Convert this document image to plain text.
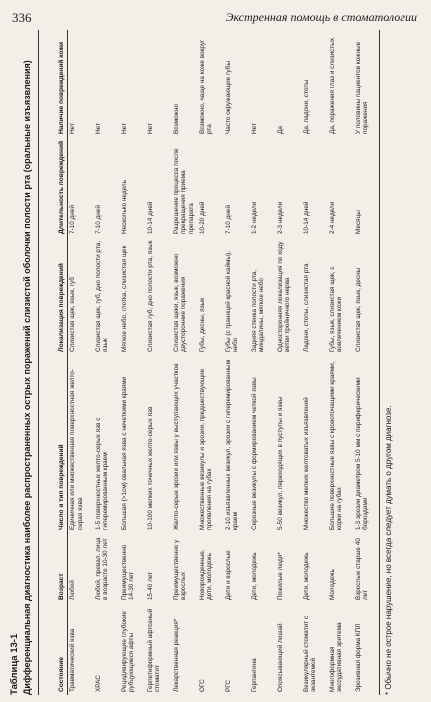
336	Экстренная помощь в стоматологии
Таблица 13-1 Дифференциальная диагностика наиболее распространенных острых поражений слизистой оболочки полости рта (оральные изъязвления)	Состояние	Возраст	Число и тип повреждений	Локализация повреждений	Длительность повреждений	Наличие повреждений кожи
Травматический язва	Любой	Единичная или множественная поверхностная желто-серая язва	Слизистая щек, язык, губ	7-10 дней	Нет
ХРАС	Любой, превал. лица в возрасте 10-30 лет	1-5 поверхностных желто-серых язв с гиперемированным краем	Слизистая щек, губ, дно полости рта, язык	7-10 дней	Нет
Рецидивирующие глубокие рубцующиеся афты	Преимущественно 14-30 лет	Большая (>1см) овальная язва с нечеткими краями	Мягкое небо, глотка, слизистая щек	Несколько недель	Нет
Герпетиформный афтозный стоматит	15-40 лет	10-100 мелких точечных желто-серых язв	Слизистая губ, дно полости рта, язык	10-14 дней	Нет
Лекарственная реакция*	Преимущественно у взрослых	Желто-серые эрозии или язвы у выступающих участков	Слизистая щеки, язык, возможно двусторонние поражения	Разрешение процесса после прекращения приема препарата	Возможно
ОГС	Новорожденные, дети, молодежь	Множественные везикулы и эрозии, предшествующие проявления на губах	Губы, десны, язык	10-20 дней	Возможно, чаще на коже вокруг рта
РГС	Дети и взрослые	2-10 изъязвленных везикул, эрозии с гиперемированным краем	Губы (с границей красной каймы), небо	7-10 дней	Часто окружающие губы
Герпангина	Дети, молодежь	Серозные везикулы с формированием четкой язвы	Задняя стенка полости рта, миндалины, мягкое небо	1-2 недели	Нет
Опоясывающий лишай	Пожилые люди*	5-50 везикул, переходящих в пустулы и язвы	Односторонняя локализация по ходу ветви тройничного нерва	2-3 недели	Да
Везикулярный стоматит с экзантемой	Дети, молодежь	Множество мелких желтоватых изъязвлений	Ладони, стопы, слизистая рта	10-14 дней	Да, ладони, стопы
Многоформная экссудативная эритема	Молодежь	Большие поверхностные язвы с кровоточащими краями, корки на губах	Губы, язык, слизистая щек, с вовлечением кожи	2-4 недели	Да, поражения глаз и слизистых
Эрозивная форма КПЛ	Взрослые старше 40 лет	1-3 эрозии диаметром 5-10 мм с периферическими бороздами	Слизистая щек, язык, десны	Месяцы	У половины пациентов кожные поражения
* Обычно не острое нарушение, но всегда следует думать о другом диагнозе.
